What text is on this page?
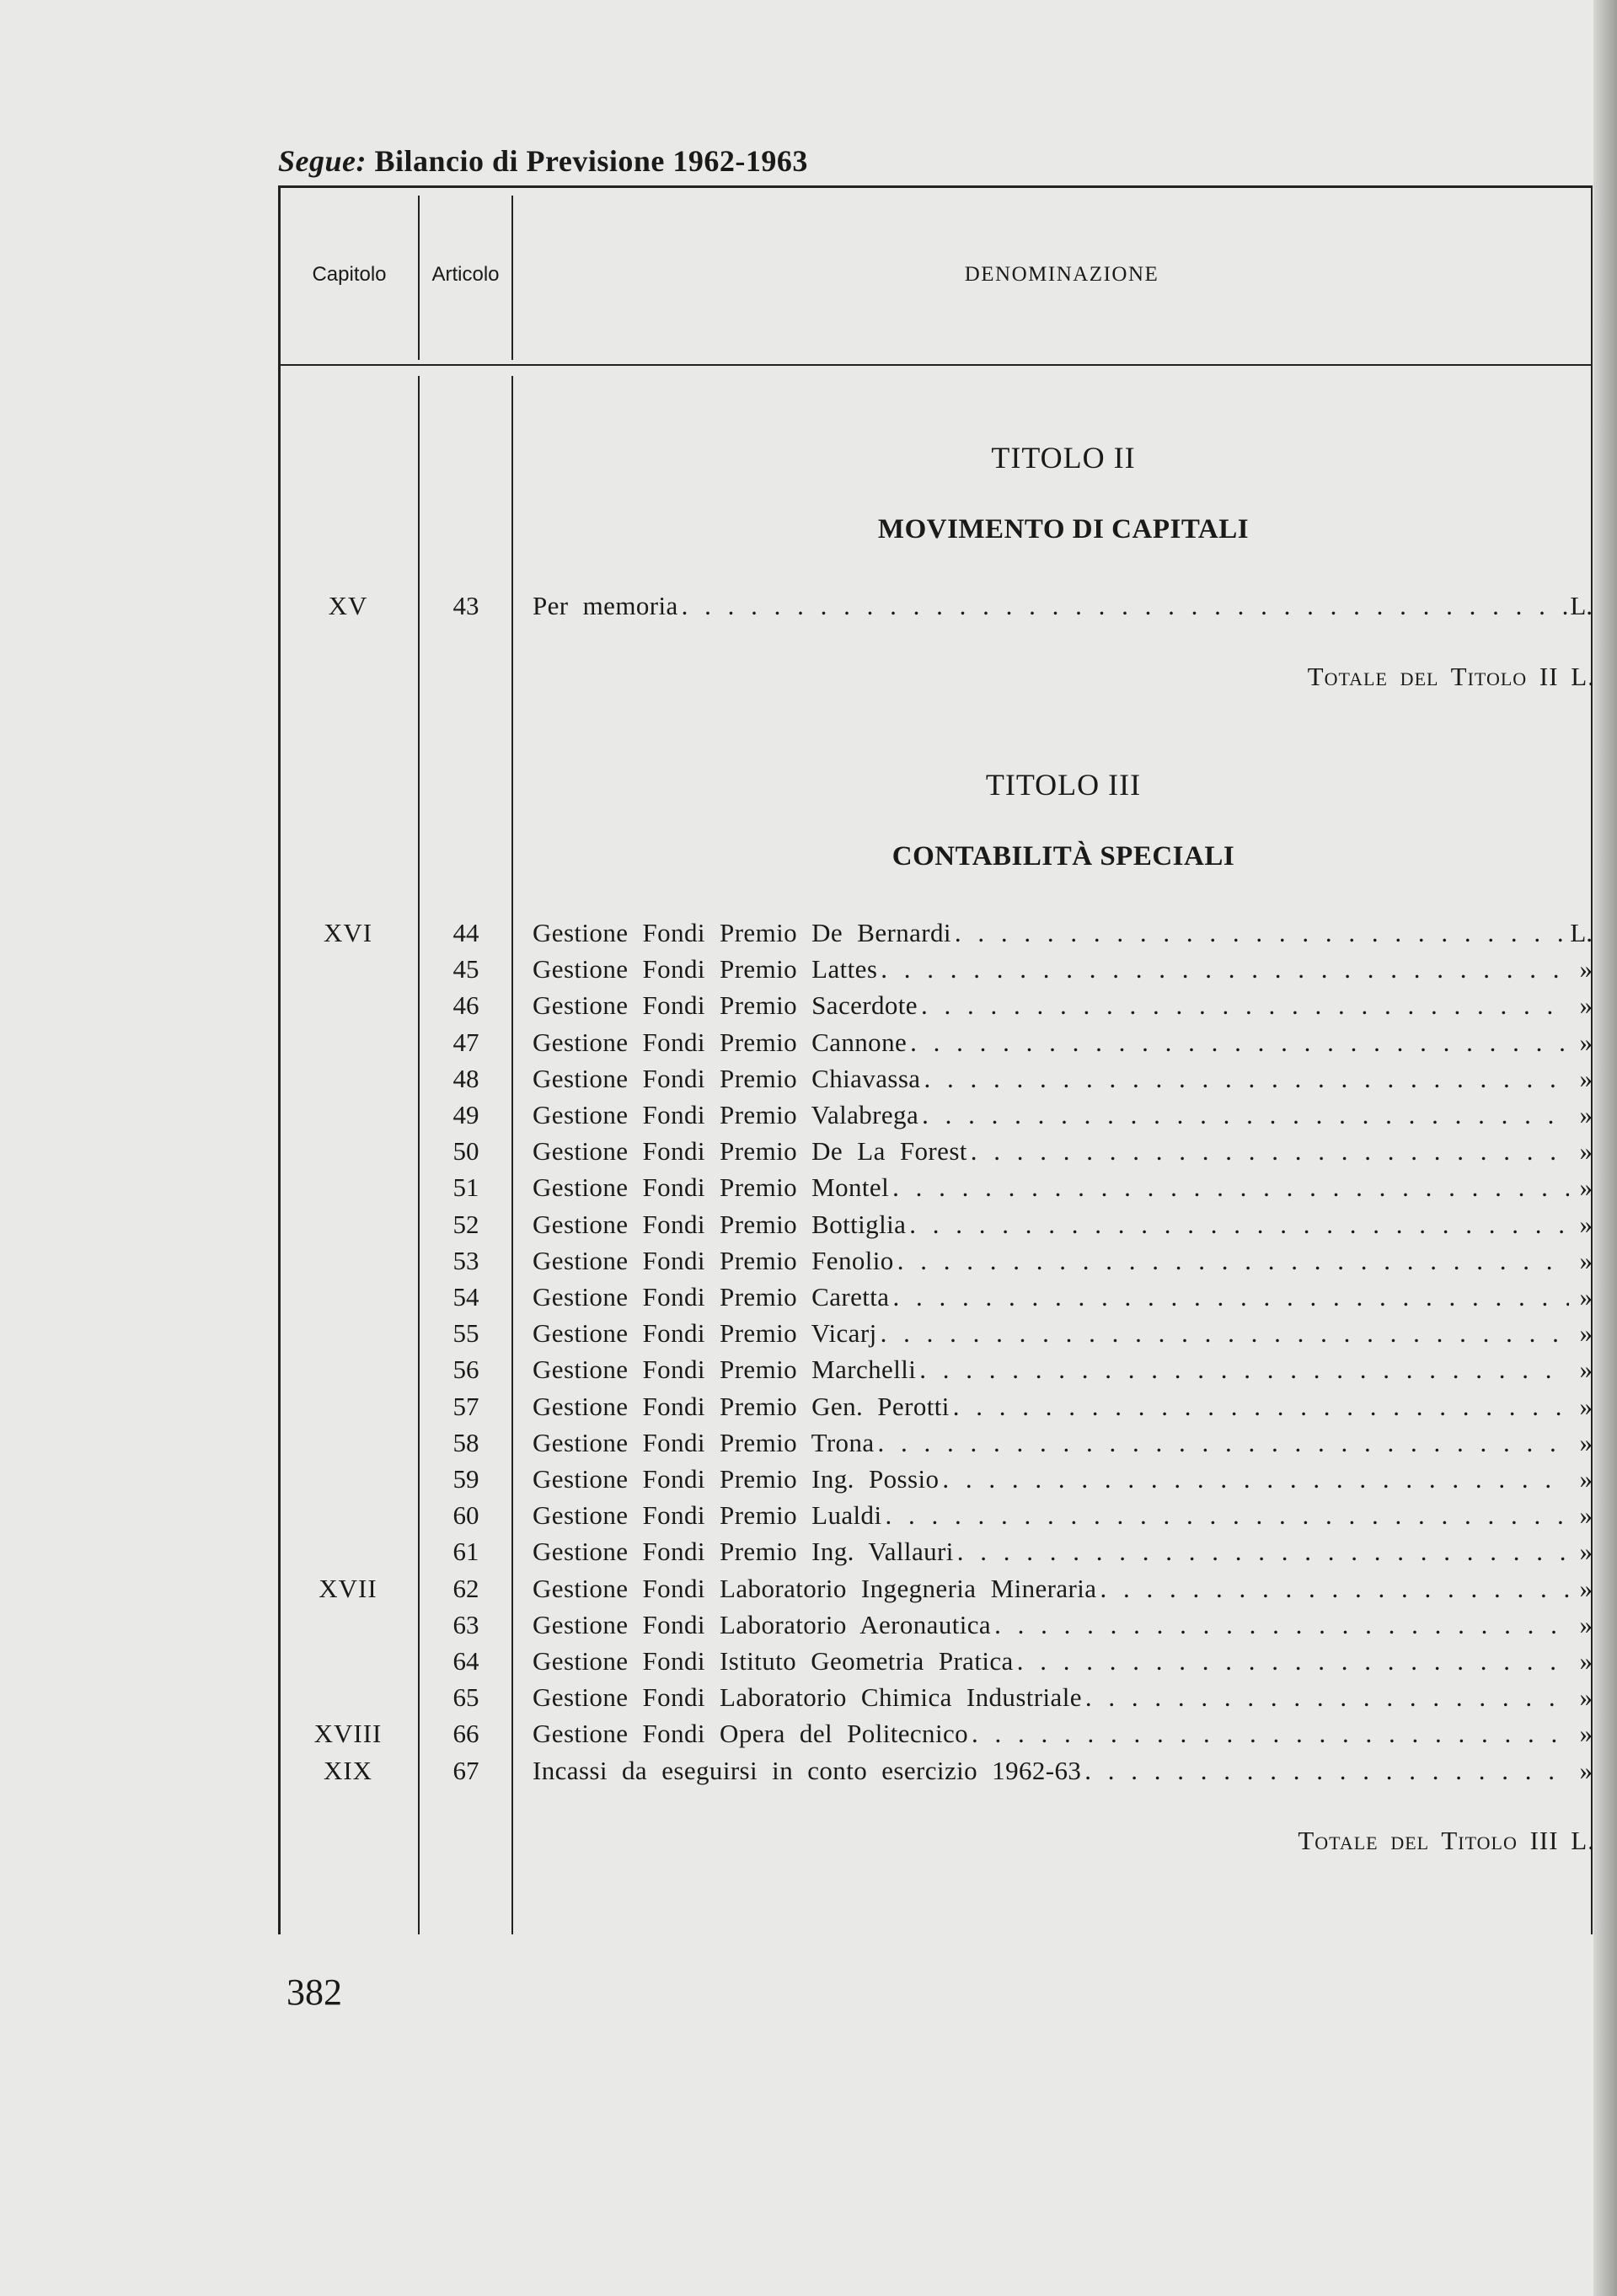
Segue: Bilancio di Previsione 1962-1963
Capitolo	Articolo	DENOMINAZIONE
TITOLO II
MOVIMENTO DI CAPITALI
XV	43	Per memoria . . .	L.
Totale del Titolo II L.
TITOLO III
CONTABILITÀ SPECIALI
XVI	44	Gestione Fondi Premio De Bernardi . . .	L.
45	Gestione Fondi Premio Lattes . . .	»
46	Gestione Fondi Premio Sacerdote . . .	»
47	Gestione Fondi Premio Cannone . . .	»
48	Gestione Fondi Premio Chiavassa . . .	»
49	Gestione Fondi Premio Valabrega . . .	»
50	Gestione Fondi Premio De La Forest . . .	»
51	Gestione Fondi Premio Montel . . .	»
52	Gestione Fondi Premio Bottiglia . . .	»
53	Gestione Fondi Premio Fenolio . . .	»
54	Gestione Fondi Premio Caretta . . .	»
55	Gestione Fondi Premio Vicarj . . .	»
56	Gestione Fondi Premio Marchelli . . .	»
57	Gestione Fondi Premio Gen. Perotti . . .	»
58	Gestione Fondi Premio Trona . . .	»
59	Gestione Fondi Premio Ing. Possio . . .	»
60	Gestione Fondi Premio Lualdi . . .	»
61	Gestione Fondi Premio Ing. Vallauri . . .	»
XVII	62	Gestione Fondi Laboratorio Ingegneria Mineraria . . .	»
63	Gestione Fondi Laboratorio Aeronautica . . .	»
64	Gestione Fondi Istituto Geometria Pratica . . .	»
65	Gestione Fondi Laboratorio Chimica Industriale . . .	»
XVIII	66	Gestione Fondi Opera del Politecnico . . .	»
XIX	67	Incassi da eseguirsi in conto esercizio 1962-63 . . .	»
Totale del Titolo III L.
382
